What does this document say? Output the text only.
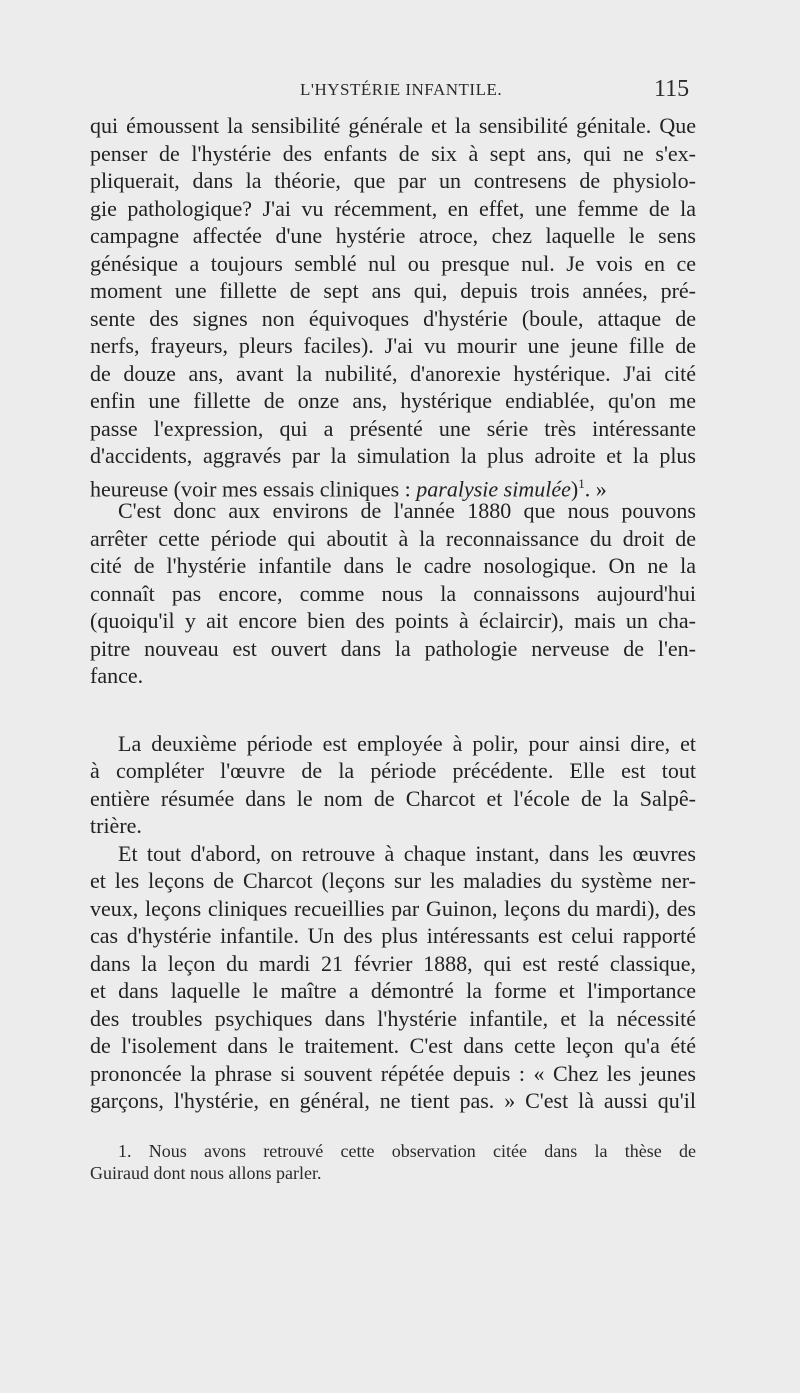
L'HYSTÉRIE INFANTILE.	115
qui émoussent la sensibilité générale et la sensibilité génitale. Que
penser de l'hystérie des enfants de six à sept ans, qui ne s'ex-
pliquerait, dans la théorie, que par un contresens de physiolo-
gie pathologique? J'ai vu récemment, en effet, une femme de la
campagne affectée d'une hystérie atroce, chez laquelle le sens
génésique a toujours semblé nul ou presque nul. Je vois en ce
moment une fillette de sept ans qui, depuis trois années, pré-
sente des signes non équivoques d'hystérie (boule, attaque de
nerfs, frayeurs, pleurs faciles). J'ai vu mourir une jeune fille de
de douze ans, avant la nubilité, d'anorexie hystérique. J'ai cité
enfin une fillette de onze ans, hystérique endiablée, qu'on me
passe l'expression, qui a présenté une série très intéressante
d'accidents, aggravés par la simulation la plus adroite et la plus
heureuse (voir mes essais cliniques : paralysie simulée)$^1$. »
C'est donc aux environs de l'année 1880 que nous pouvons
arrêter cette période qui aboutit à la reconnaissance du droit de
cité de l'hystérie infantile dans le cadre nosologique. On ne la
connaît pas encore, comme nous la connaissons aujourd'hui
(quoiqu'il y ait encore bien des points à éclaircir), mais un cha-
pitre nouveau est ouvert dans la pathologie nerveuse de l'en-
fance.
La deuxième période est employée à polir, pour ainsi dire, et
à compléter l'œuvre de la période précédente. Elle est tout
entière résumée dans le nom de Charcot et l'école de la Salpê-
trière.
Et tout d'abord, on retrouve à chaque instant, dans les œuvres
et les leçons de Charcot (leçons sur les maladies du système ner-
veux, leçons cliniques recueillies par Guinon, leçons du mardi), des
cas d'hystérie infantile. Un des plus intéressants est celui rapporté
dans la leçon du mardi 21 février 1888, qui est resté classique,
et dans laquelle le maître a démontré la forme et l'importance
des troubles psychiques dans l'hystérie infantile, et la nécessité
de l'isolement dans le traitement. C'est dans cette leçon qu'a été
prononcée la phrase si souvent répétée depuis : « Chez les jeunes
garçons, l'hystérie, en général, ne tient pas. » C'est là aussi qu'il
1. Nous avons retrouvé cette observation citée dans la thèse de
Guiraud dont nous allons parler.
